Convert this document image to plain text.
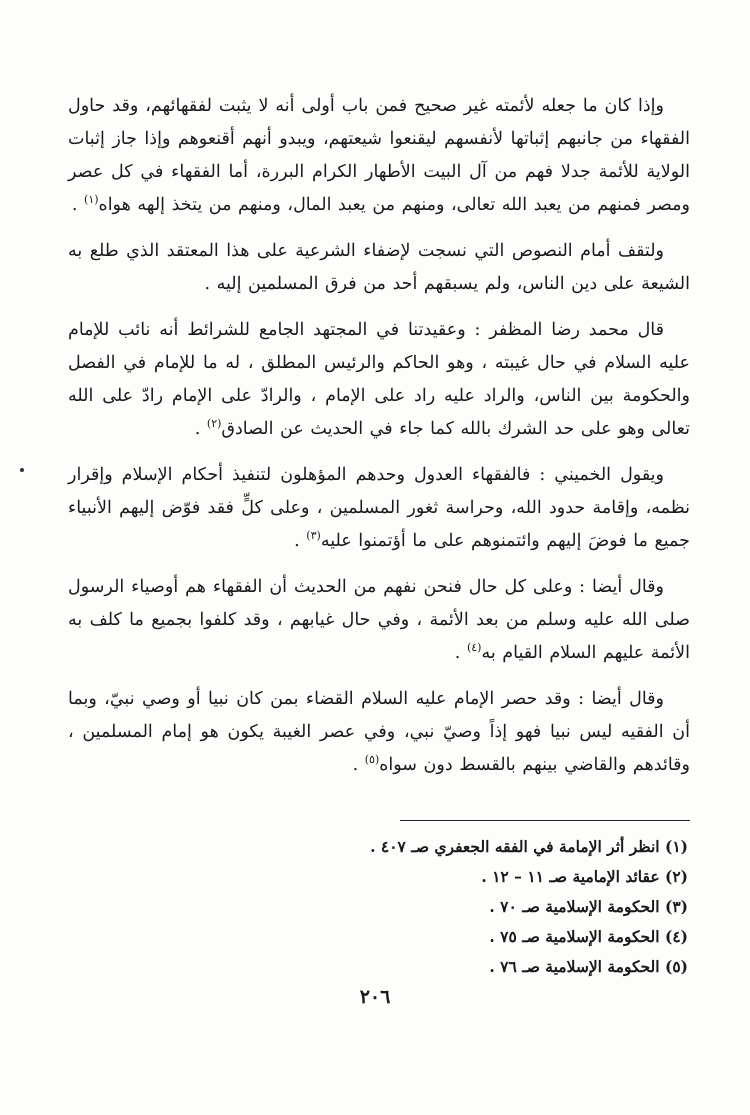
وإذا كان ما جعله لأئمته غير صحيح فمن باب أولى أنه لا يثبت لفقهائهم، وقد حاول الفقهاء من جانبهم إثباتها لأنفسهم ليقنعوا شيعتهم، ويبدو أنهم أقنعوهم وإذا جاز إثبات الولاية للأئمة جدلا فهم من آل البيت الأطهار الكرام البررة، أما الفقهاء في كل عصر ومصر فمنهم من يعبد الله تعالى، ومنهم من يعبد المال، ومنهم من يتخذ إلهه هواه$^{(١)}$ .

ولتقف أمام النصوص التي نسجت لإضفاء الشرعية على هذا المعتقد الذي طلع به الشيعة على دين الناس، ولم يسبقهم أحد من فرق المسلمين إليه .

قال محمد رضا المظفر : وعقيدتنا في المجتهد الجامع للشرائط أنه نائب للإمام عليه السلام في حال غيبته ، وهو الحاكم والرئيس المطلق ، له ما للإمام في الفصل والحكومة بين الناس، والراد عليه راد على الإمام ، والرادّ على الإمام رادّ على الله تعالى وهو على حد الشرك بالله كما جاء في الحديث عن الصادق$^{(٢)}$ .

ويقول الخميني : فالفقهاء العدول وحدهم المؤهلون لتنفيذ أحكام الإسلام وإقرار نظمه، وإقامة حدود الله، وحراسة ثغور المسلمين ، وعلى كلٍّ فقد فوّض إليهم الأنبياء جميع ما فوضَ إليهم وائتمنوهم على ما أؤتمنوا عليه$^{(٣)}$ .

وقال أيضا : وعلى كل حال فنحن نفهم من الحديث أن الفقهاء هم أوصياء الرسول صلى الله عليه وسلم من بعد الأئمة ، وفي حال غيابهم ، وقد كلفوا بجميع ما كلف به الأئمة عليهم السلام القيام به$^{(٤)}$ .

وقال أيضا : وقد حصر الإمام عليه السلام القضاء بمن كان نبيا أو وصي نبيّ، وبما أن الفقيه ليس نبيا فهو إذاً وصيّ نبي، وفي عصر الغيبة يكون هو إمام المسلمين ، وقائدهم والقاضي بينهم بالقسط دون سواه$^{(٥)}$ .

(١) انظر أثر الإمامة في الفقه الجعفري صـ ٤٠٧ .
(٢) عقائد الإمامية صـ ١١ – ١٢ .
(٣) الحكومة الإسلامية صـ ٧٠ .
(٤) الحكومة الإسلامية صـ ٧٥ .
(٥) الحكومة الإسلامية صـ ٧٦ .
٢٠٦
